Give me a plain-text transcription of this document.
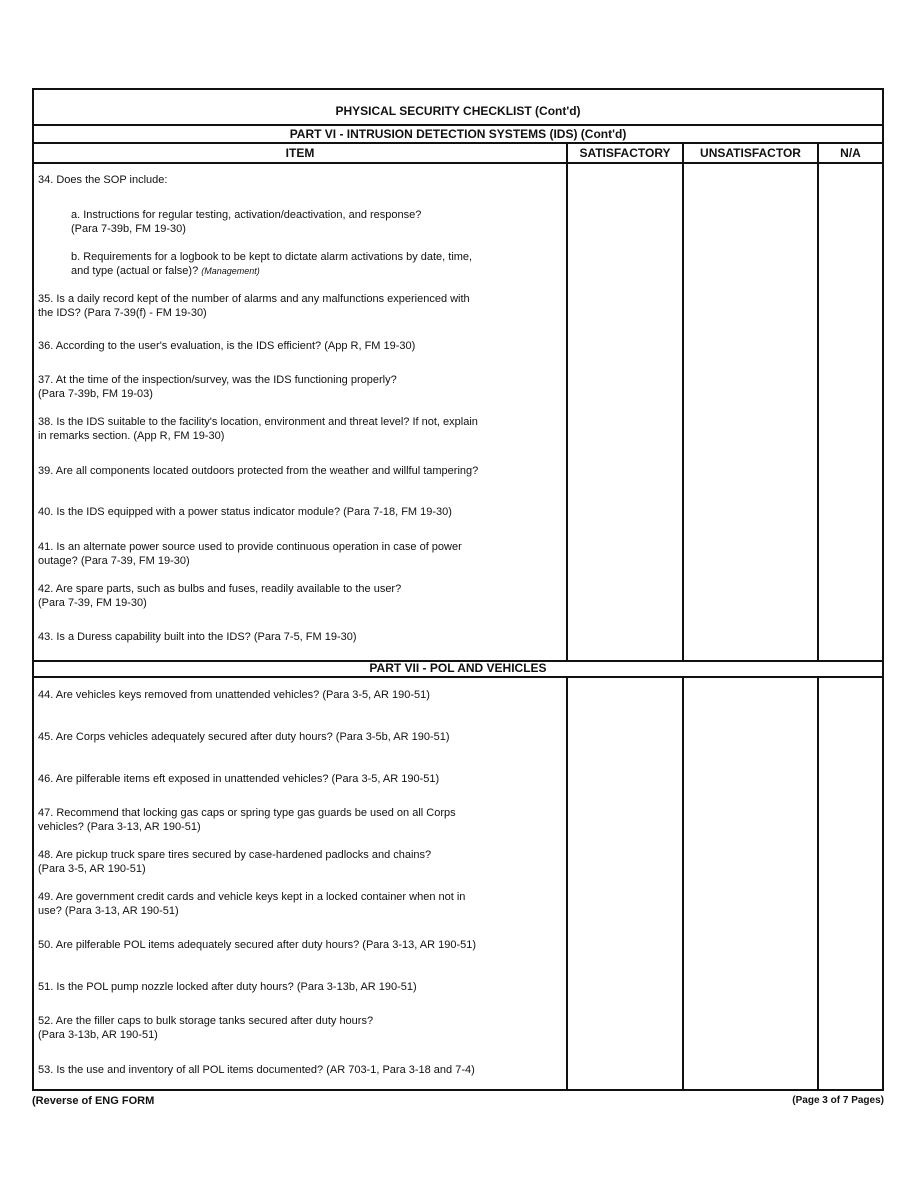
PHYSICAL SECURITY CHECKLIST (Cont'd)
PART VI - INTRUSION DETECTION SYSTEMS (IDS) (Cont'd)
ITEM	SATISFACTORY	UNSATISFACTOR	N/A
34. Does the SOP include:
a. Instructions for regular testing, activation/deactivation, and response?
(Para 7-39b, FM 19-30)
b. Requirements for a logbook to be kept to dictate alarm activations by date, time,
and type (actual or false)? (Management)
35. Is a daily record kept of the number of alarms and any malfunctions experienced with
the IDS? (Para 7-39(f) - FM 19-30)
36. According to the user's evaluation, is the IDS efficient? (App R, FM 19-30)
37. At the time of the inspection/survey, was the IDS functioning properly?
(Para 7-39b, FM 19-03)
38. Is the IDS suitable to the facility's location, environment and threat level? If not, explain
in remarks section. (App R, FM 19-30)
39. Are all components located outdoors protected from the weather and willful tampering?
40. Is the IDS equipped with a power status indicator module? (Para 7-18, FM 19-30)
41. Is an alternate power source used to provide continuous operation in case of power
outage? (Para 7-39, FM 19-30)
42. Are spare parts, such as bulbs and fuses, readily available to the user?
(Para 7-39, FM 19-30)
43. Is a Duress capability built into the IDS? (Para 7-5, FM 19-30)
PART VII - POL AND VEHICLES
44. Are vehicles keys removed from unattended vehicles? (Para 3-5, AR 190-51)
45. Are Corps vehicles adequately secured after duty hours? (Para 3-5b, AR 190-51)
46. Are pilferable items eft exposed in unattended vehicles? (Para 3-5, AR 190-51)
47. Recommend that locking gas caps or spring type gas guards be used on all Corps
vehicles? (Para 3-13, AR 190-51)
48. Are pickup truck spare tires secured by case-hardened padlocks and chains?
(Para 3-5, AR 190-51)
49. Are government credit cards and vehicle keys kept in a locked container when not in
use? (Para 3-13, AR 190-51)
50. Are pilferable POL items adequately secured after duty hours? (Para 3-13, AR 190-51)
51. Is the POL pump nozzle locked after duty hours? (Para 3-13b, AR 190-51)
52. Are the filler caps to bulk storage tanks secured after duty hours?
(Para 3-13b, AR 190-51)
53. Is the use and inventory of all POL items documented? (AR 703-1, Para 3-18 and 7-4)
(Reverse of ENG FORM	(Page 3 of 7 Pages)
